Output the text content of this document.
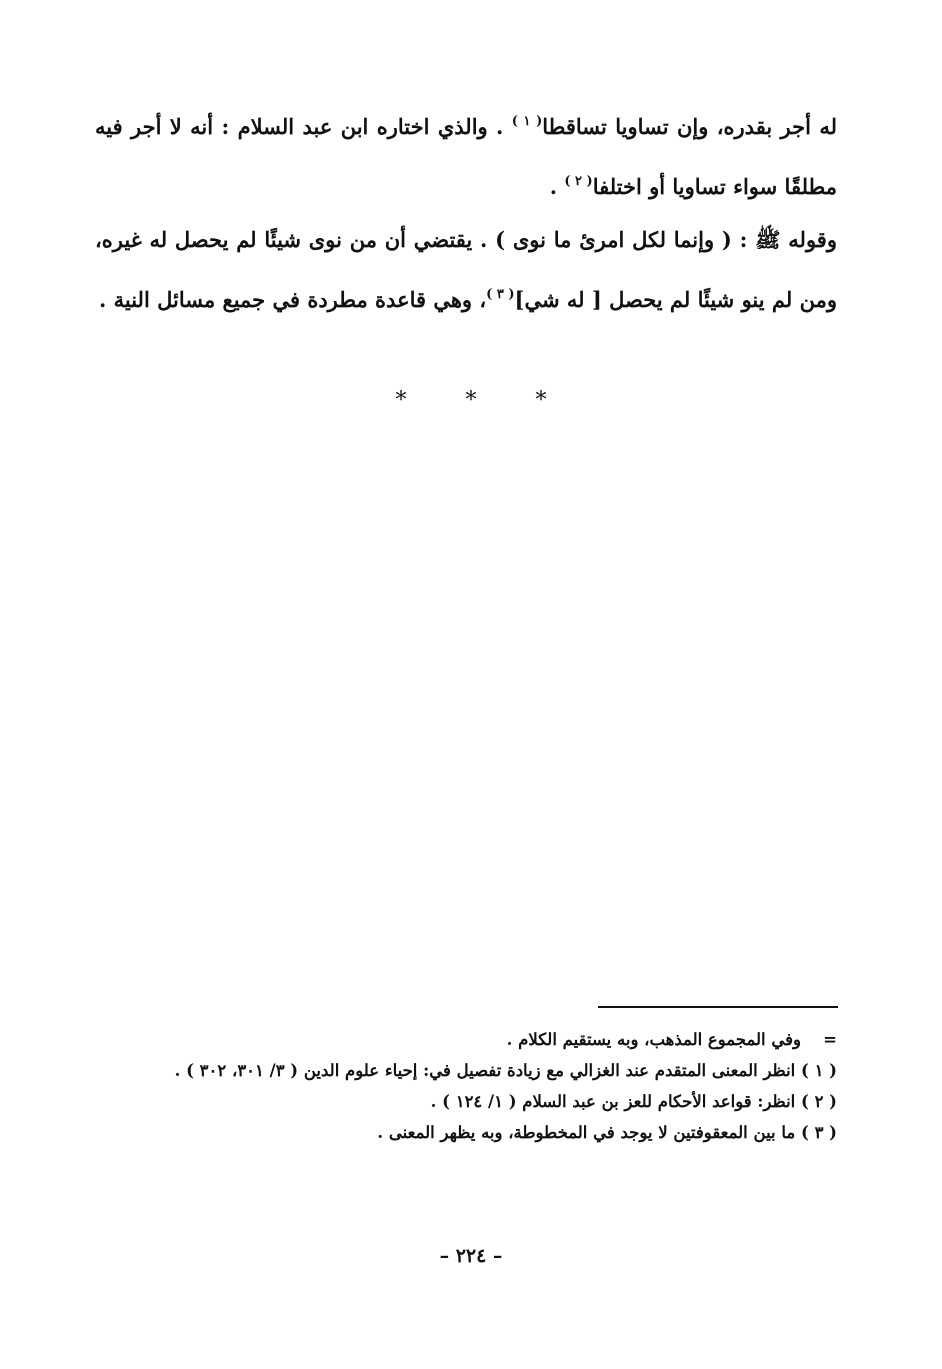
له أجر بقدره، وإن تساويا تساقطا$^{( ١ )}$ . والذي اختاره ابن عبد السلام : أنه لا أجر فيه مطلقًا سواء تساويا أو اختلفا$^{( ٢ )}$ .

وقوله ﷺ : ( وإنما لكل امرئ ما نوى ) . يقتضي أن من نوى شيئًا لم يحصل له غيره، ومن لم ينو شيئًا لم يحصل [ له شي]$^{( ٣ )}$، وهي قاعدة مطردة في جميع مسائل النية .

* * *

=وفي المجموع المذهب، وبه يستقيم الكلام .

( ١ ) انظر المعنى المتقدم عند الغزالي مع زيادة تفصيل في: إحياء علوم الدين ( ٣/ ٣٠١، ٣٠٢ ) .

( ٢ ) انظر: قواعد الأحكام للعز بن عبد السلام ( ١/ ١٢٤ ) .

( ٣ ) ما بين المعقوفتين لا يوجد في المخطوطة، وبه يظهر المعنى .

– ٢٢٤ –
